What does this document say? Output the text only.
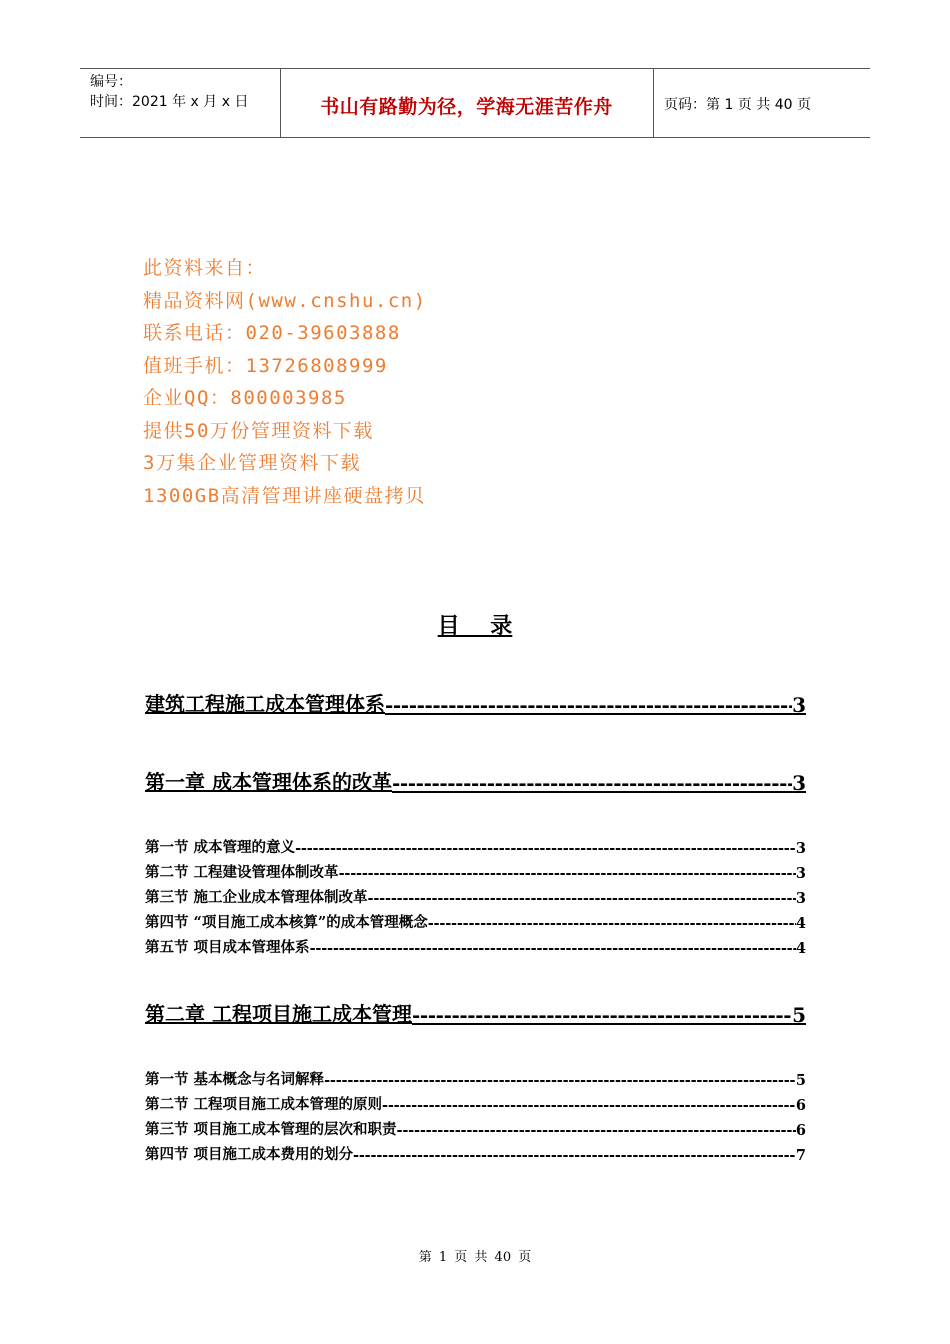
编号：
时间：2021 年 x 月 x 日	书山有路勤为径，学海无涯苦作舟	页码：第 1 页 共 40 页
此资料来自：
精品资料网(www.cnshu.cn)
联系电话：020-39603888
值班手机：13726808999
企业QQ：800003985
提供50万份管理资料下载
3万集企业管理资料下载
1300GB高清管理讲座硬盘拷贝
目    录
建筑工程施工成本管理体系 -----	3
第一章 成本管理体系的改革 -----	3
第一节 成本管理的意义 -----	3
第二节 工程建设管理体制改革 -----	3
第三节 施工企业成本管理体制改革 -----	3
第四节 “项目施工成本核算”的成本管理概念 -----	4
第五节 项目成本管理体系 -----	4
第二章 工程项目施工成本管理 -----	5
第一节 基本概念与名词解释 -----	5
第二节 工程项目施工成本管理的原则 -----	6
第三节 项目施工成本管理的层次和职责 -----	6
第四节 项目施工成本费用的划分 -----	7
第 1 页 共 40 页
